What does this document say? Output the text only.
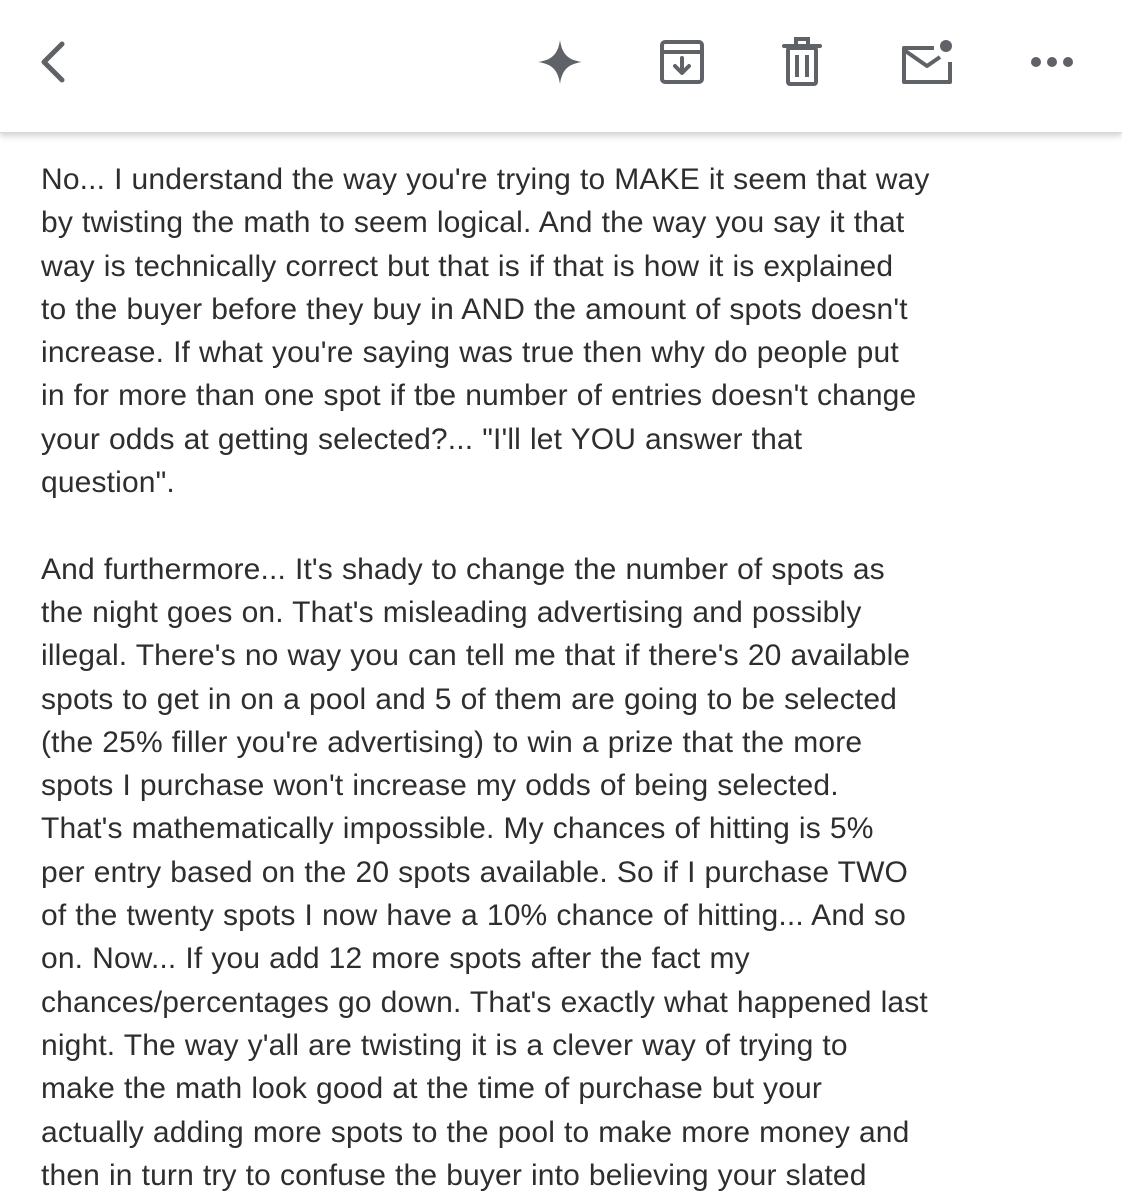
No... I understand the way you're trying to MAKE it seem that way
by twisting the math to seem logical. And the way you say it that
way is technically correct but that is if that is how it is explained
to the buyer before they buy in AND the amount of spots doesn't
increase. If what you're saying was true then why do people put
in for more than one spot if tbe number of entries doesn't change
your odds at getting selected?... "I'll let YOU answer that
question".

And furthermore... It's shady to change the number of spots as
the night goes on. That's misleading advertising and possibly
illegal. There's no way you can tell me that if there's 20 available
spots to get in on a pool and 5 of them are going to be selected
(the 25% filler you're advertising) to win a prize that the more
spots I purchase won't increase my odds of being selected.
That's mathematically impossible. My chances of hitting is 5%
per entry based on the 20 spots available. So if I purchase TWO
of the twenty spots I now have a 10% chance of hitting... And so
on. Now... If you add 12 more spots after the fact my
chances/percentages go down. That's exactly what happened last
night. The way y'all are twisting it is a clever way of trying to
make the math look good at the time of purchase but your
actually adding more spots to the pool to make more money and
then in turn try to confuse the buyer into believing your slated
